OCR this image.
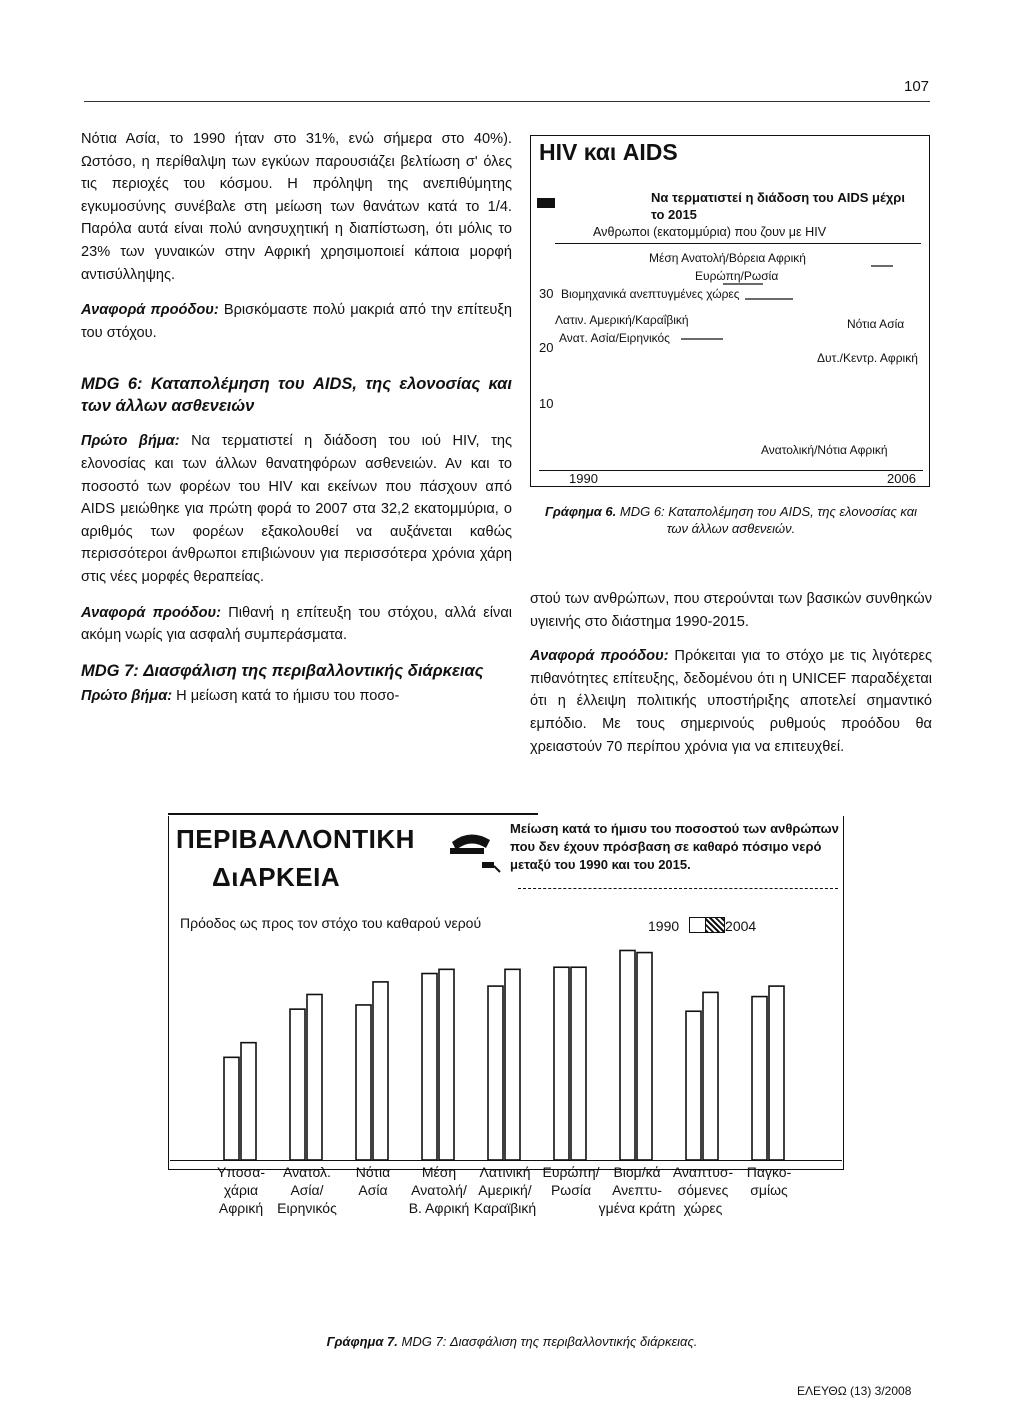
107

Νότια Ασία, το 1990 ήταν στο 31%, ενώ σήμερα στο 40%). Ωστόσο, η περίθαλψη των εγκύων παρουσιάζει βελτίωση σ' όλες τις περιοχές του κόσμου. Η πρόληψη της ανεπιθύμητης εγκυμοσύνης συνέβαλε στη μείωση των θανάτων κατά το 1/4. Παρόλα αυτά είναι πολύ ανησυχητική η διαπίστωση, ότι μόλις το 23% των γυναικών στην Αφρική χρησιμοποιεί κάποια μορφή αντισύλληψης.

Αναφορά προόδου: Βρισκόμαστε πολύ μακριά από την επίτευξη του στόχου.

MDG 6: Καταπολέμηση του AIDS, της ελονοσίας και των άλλων ασθενειών

Πρώτο βήμα: Να τερματιστεί η διάδοση του ιού HIV, της ελονοσίας και των άλλων θανατηφόρων ασθενειών. Αν και το ποσοστό των φορέων του HIV και εκείνων που πάσχουν από AIDS μειώθηκε για πρώτη φορά το 2007 στα 32,2 εκατομμύρια, ο αριθμός των φορέων εξακολουθεί να αυξάνεται καθώς περισσότεροι άνθρωποι επιβιώνουν για περισσότερα χρόνια χάρη στις νέες μορφές θεραπείας.

Αναφορά προόδου: Πιθανή η επίτευξη του στόχου, αλλά είναι ακόμη νωρίς για ασφαλή συμπεράσματα.

MDG 7: Διασφάλιση της περιβαλλοντικής διάρκειας

Πρώτο βήμα: Η μείωση κατά το ήμισυ του ποσο-

HIV και AIDS
Να τερματιστεί η διάδοση του AIDS μέχρι
το 2015
Ανθρωποι (εκατομμύρια) που ζουν με HIV
Μέση Ανατολή/Βόρεια Αφρική
Ευρώπη/Ρωσία
Βιομηχανικά ανεπτυγμένες χώρες
30
Λατιν. Αμερική/Καραΐβική	Νότια Ασία
Ανατ. Ασία/Ειρηνικός
20
Δυτ./Κεντρ. Αφρική
10
Ανατολική/Νότια Αφρική
1990	2006
Γράφημα 6. MDG 6: Καταπολέμηση του AIDS, της ελονοσίας και των άλλων ασθενειών.

στού των ανθρώπων, που στερούνται των βασικών συνθηκών υγιεινής στο διάστημα 1990-2015.

Αναφορά προόδου: Πρόκειται για το στόχο με τις λιγότερες πιθανότητες επίτευξης, δεδομένου ότι η UNICEF παραδέχεται ότι η έλλειψη πολιτικής υποστήριξης αποτελεί σημαντικό εμπόδιο. Με τους σημερινούς ρυθμούς προόδου θα χρειαστούν 70 περίπου χρόνια για να επιτευχθεί.

ΠΕΡΙΒΑΛΛΟΝΤΙΚΗ
ΔιΑΡΚΕΙΑ
Μείωση κατά το ήμισυ του ποσοστού των ανθρώπων που δεν έχουν πρόσβαση σε καθαρό πόσιμο νερό μεταξύ του 1990 και του 2015.
Πρόοδος ως προς τον στόχο του καθαρού νερού	1990	2004
Υποσα-
χάρια
Αφρική
Ανατολ.
Ασία/
Ειρηνικός
Νότια
Ασία
Μέση
Ανατολή/
Β. Αφρική
Λατινική
Αμερική/
Καραϊβική
Ευρώπη/
Ρωσία
Βιομ/κά
Ανεπτυ-
γμένα κράτη
Αναπτυσ-
σόμενες
χώρες
Παγκο-
σμίως
Γράφημα 7. MDG 7: Διασφάλιση της περιβαλλοντικής διάρκειας.
ΕΛΕΥΘΩ (13) 3/2008
